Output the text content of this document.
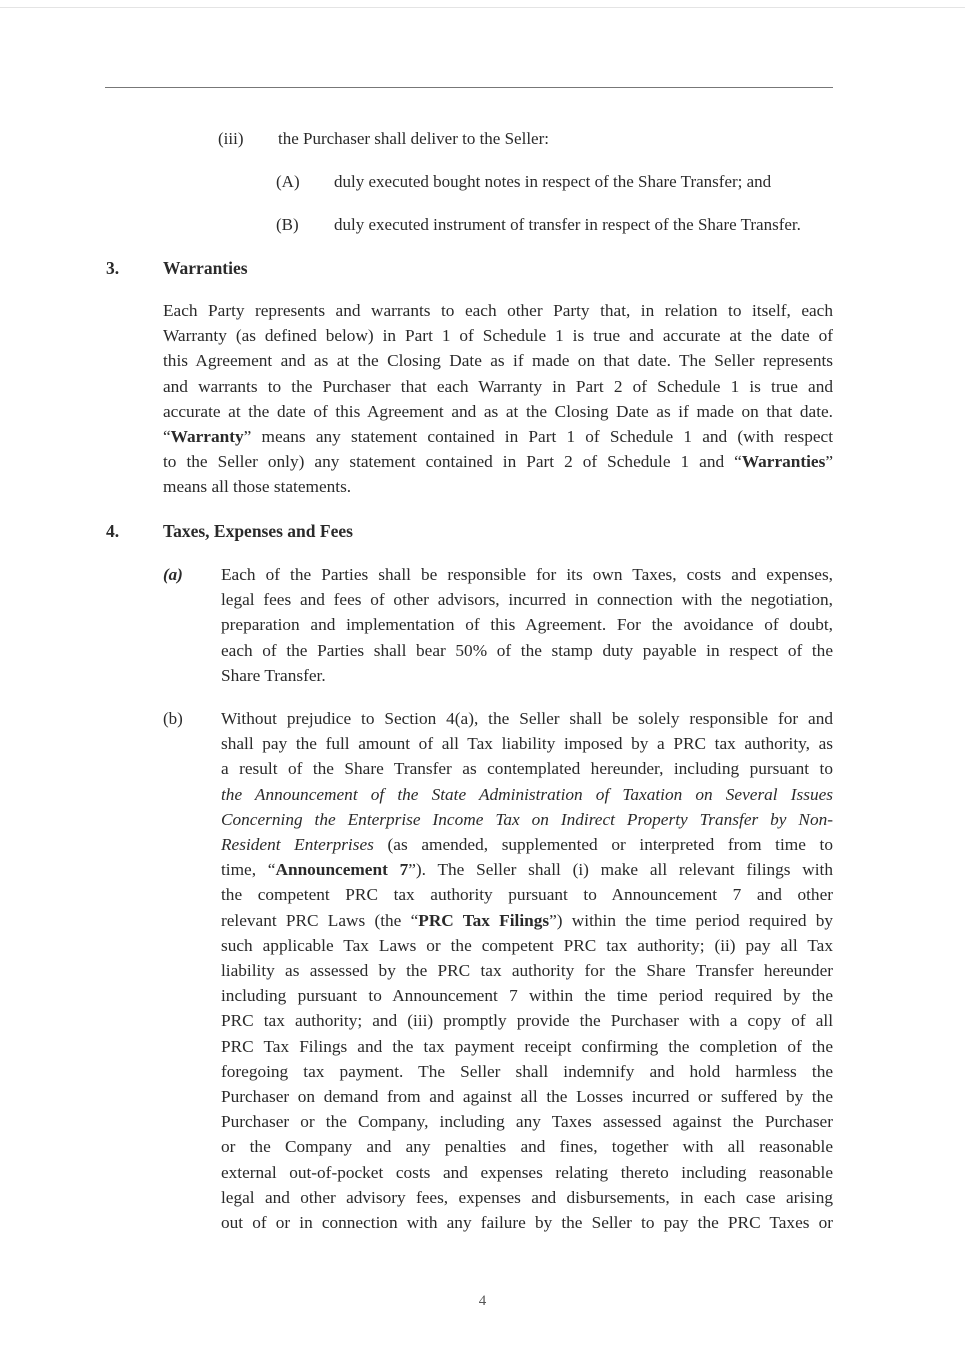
(iii) the Purchaser shall deliver to the Seller:
(A) duly executed bought notes in respect of the Share Transfer; and
(B) duly executed instrument of transfer in respect of the Share Transfer.
3.	Warranties
Each Party represents and warrants to each other Party that, in relation to itself, each
Warranty (as defined below) in Part 1 of Schedule 1 is true and accurate at the date of
this Agreement and as at the Closing Date as if made on that date. The Seller represents
and warrants to the Purchaser that each Warranty in Part 2 of Schedule 1 is true and
accurate at the date of this Agreement and as at the Closing Date as if made on that date.
“Warranty” means any statement contained in Part 1 of Schedule 1 and (with respect
to the Seller only) any statement contained in Part 2 of Schedule 1 and “Warranties”
means all those statements.
4.	Taxes, Expenses and Fees
(a) Each of the Parties shall be responsible for its own Taxes, costs and expenses,
legal fees and fees of other advisors, incurred in connection with the negotiation,
preparation and implementation of this Agreement. For the avoidance of doubt,
each of the Parties shall bear 50% of the stamp duty payable in respect of the
Share Transfer.
(b) Without prejudice to Section 4(a), the Seller shall be solely responsible for and
shall pay the full amount of all Tax liability imposed by a PRC tax authority, as
a result of the Share Transfer as contemplated hereunder, including pursuant to
the Announcement of the State Administration of Taxation on Several Issues
Concerning the Enterprise Income Tax on Indirect Property Transfer by Non-
Resident Enterprises (as amended, supplemented or interpreted from time to
time, “Announcement 7”). The Seller shall (i) make all relevant filings with
the competent PRC tax authority pursuant to Announcement 7 and other
relevant PRC Laws (the “PRC Tax Filings”) within the time period required by
such applicable Tax Laws or the competent PRC tax authority; (ii) pay all Tax
liability as assessed by the PRC tax authority for the Share Transfer hereunder
including pursuant to Announcement 7 within the time period required by the
PRC tax authority; and (iii) promptly provide the Purchaser with a copy of all
PRC Tax Filings and the tax payment receipt confirming the completion of the
foregoing tax payment. The Seller shall indemnify and hold harmless the
Purchaser on demand from and against all the Losses incurred or suffered by the
Purchaser or the Company, including any Taxes assessed against the Purchaser
or the Company and any penalties and fines, together with all reasonable
external out-of-pocket costs and expenses relating thereto including reasonable
legal and other advisory fees, expenses and disbursements, in each case arising
out of or in connection with any failure by the Seller to pay the PRC Taxes or
4
